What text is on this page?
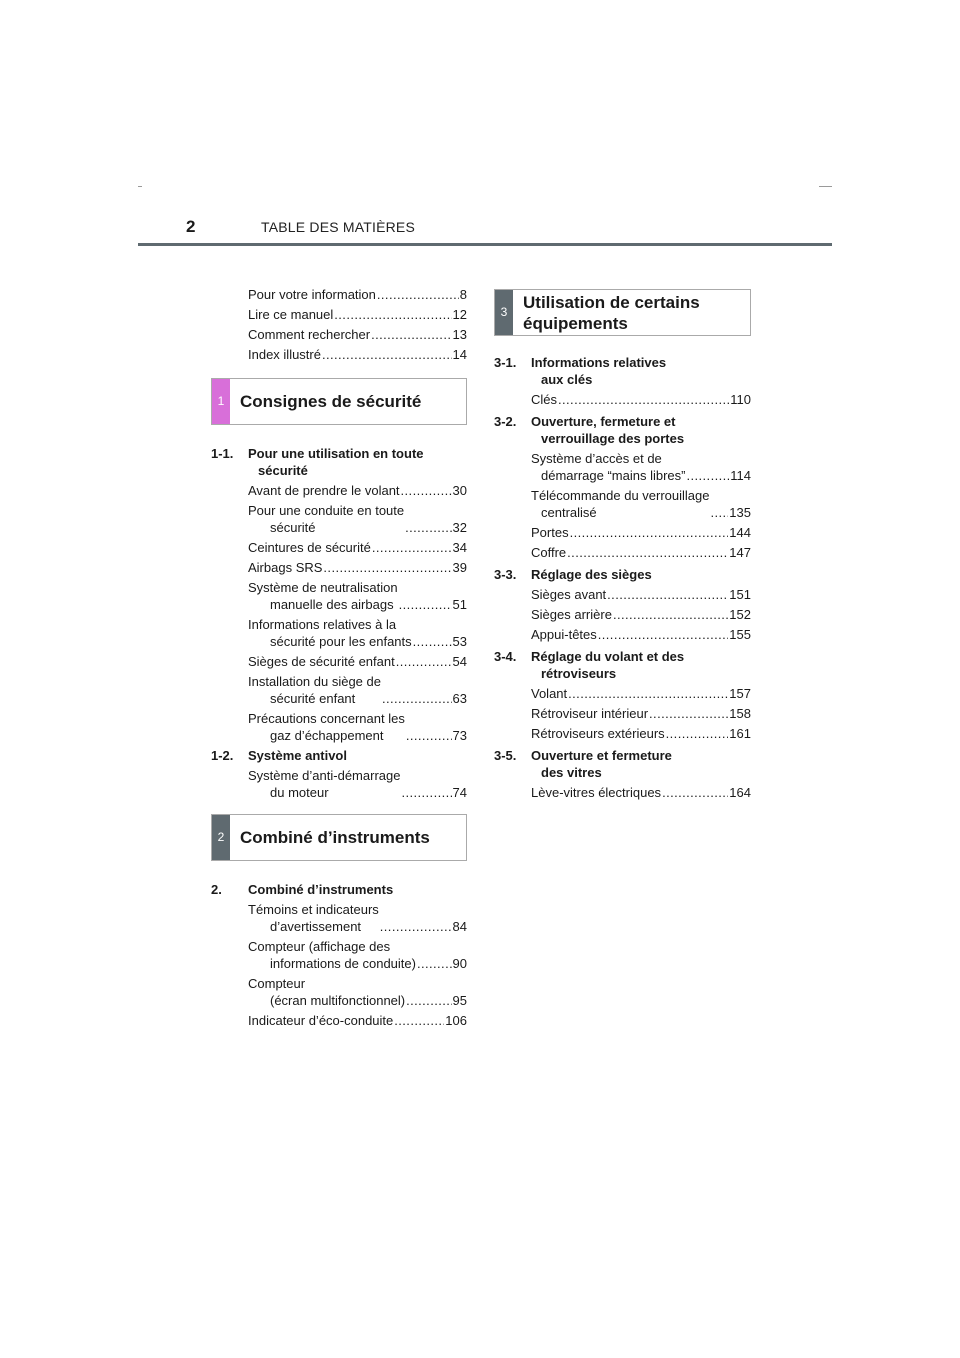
2	TABLE DES MATIÈRES
Pour votre information .....	8
Lire ce manuel .....	12
Comment rechercher .....	13
Index illustré .....	14
1 Consignes de sécurité
1-1.	Pour une utilisation en toute
sécurité
Avant de prendre le volant .....	30
Pour une conduite en toute
sécurité .....	32
Ceintures de sécurité .....	34
Airbags SRS .....	39
Système de neutralisation
manuelle des airbags .....	51
Informations relatives à la
sécurité pour les enfants .....	53
Sièges de sécurité enfant .....	54
Installation du siège de
sécurité enfant .....	63
Précautions concernant les
gaz d’échappement .....	73
1-2.	Système antivol
Système d’anti-démarrage
du moteur .....	74
2 Combiné d’instruments
2.	Combiné d’instruments
Témoins et indicateurs
d’avertissement .....	84
Compteur (affichage des
informations de conduite) .....	90
Compteur
(écran multifonctionnel) .....	95
Indicateur d’éco-conduite .....	106
3
Utilisation de certains
équipements
3-1.	Informations relatives
aux clés
Clés .....	110
3-2.	Ouverture, fermeture et
verrouillage des portes
Système d’accès et de
démarrage “mains libres” .....	114
Télécommande du verrouillage
centralisé .....	135
Portes .....	144
Coffre .....	147
3-3.	Réglage des sièges
Sièges avant .....	151
Sièges arrière .....	152
Appui-têtes .....	155
3-4.	Réglage du volant et des
rétroviseurs
Volant .....	157
Rétroviseur intérieur .....	158
Rétroviseurs extérieurs .....	161
3-5.	Ouverture et fermeture
des vitres
Lève-vitres électriques .....	164
